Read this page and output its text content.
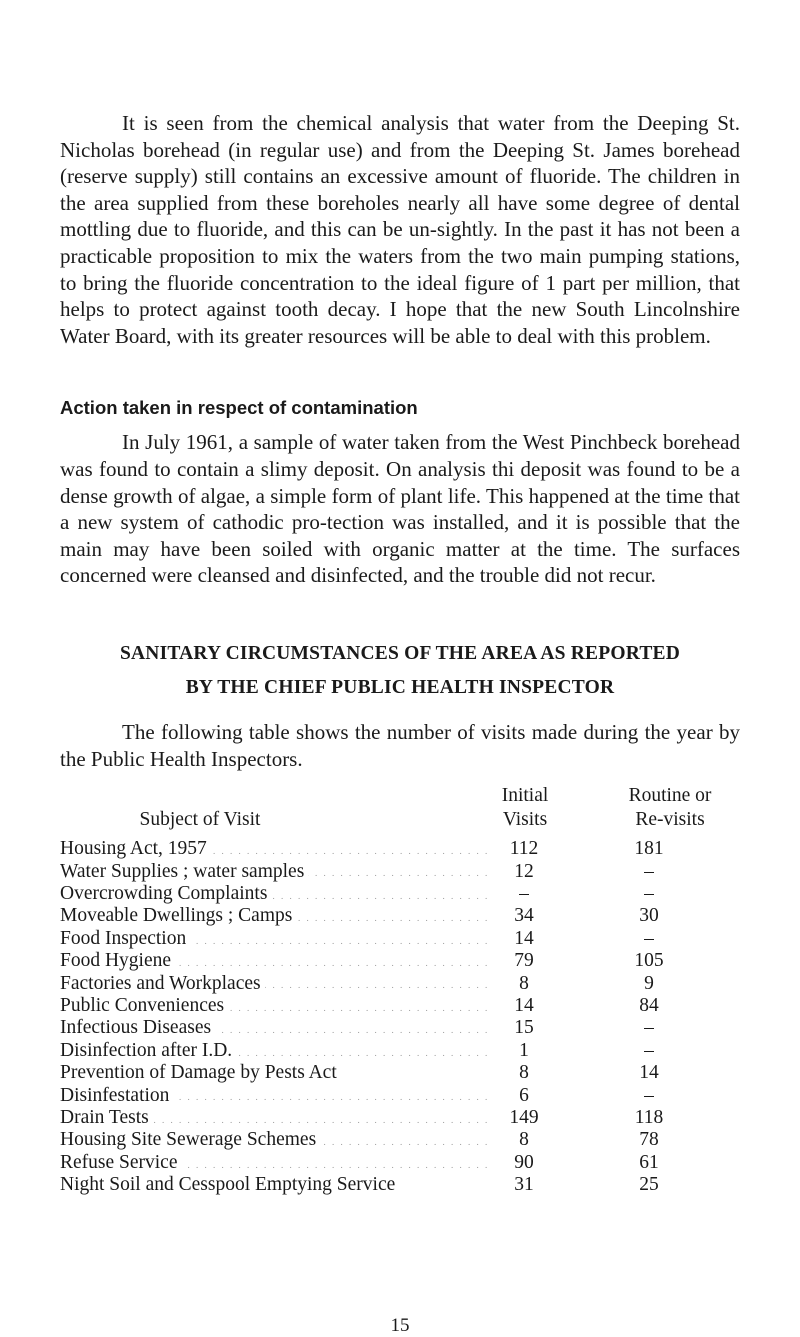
It is seen from the chemical analysis that water from the Deeping St. Nicholas borehead (in regular use) and from the Deeping St. James borehead (reserve supply) still contains an excessive amount of fluoride. The children in the area supplied from these boreholes nearly all have some degree of dental mottling due to fluoride, and this can be un-sightly. In the past it has not been a practicable proposition to mix the waters from the two main pumping stations, to bring the fluoride concentration to the ideal figure of 1 part per million, that helps to protect against tooth decay. I hope that the new South Lincolnshire Water Board, with its greater resources will be able to deal with this problem.

Action taken in respect of contamination

In July 1961, a sample of water taken from the West Pinchbeck borehead was found to contain a slimy deposit. On analysis thi deposit was found to be a dense growth of algae, a simple form of plant life. This happened at the time that a new system of cathodic pro-tection was installed, and it is possible that the main may have been soiled with organic matter at the time. The surfaces concerned were cleansed and disinfected, and the trouble did not recur.

SANITARY CIRCUMSTANCES OF THE AREA AS REPORTED
BY THE CHIEF PUBLIC HEALTH INSPECTOR

The following table shows the number of visits made during the year by the Public Health Inspectors.

Subject of Visit
Initial
Visits
Routine or
Re-visits
Housing Act, 1957 . . .	112	181
Water Supplies ; water samples . . .	12	–
Overcrowding Complaints . . .	–	–
Moveable Dwellings ; Camps . . .	34	30
Food Inspection . . .	14	–
Food Hygiene . . .	79	105
Factories and Workplaces . . .	8	9
Public Conveniences . . .	14	84
Infectious Diseases . . .	15	–
Disinfection after I.D. . . .	1	–
Prevention of Damage by Pests Act	8	14
Disinfestation . . .	6	–
Drain Tests . . .	149	118
Housing Site Sewerage Schemes . . .	8	78
Refuse Service . . .	90	61
Night Soil and Cesspool Emptying Service	31	25
15
